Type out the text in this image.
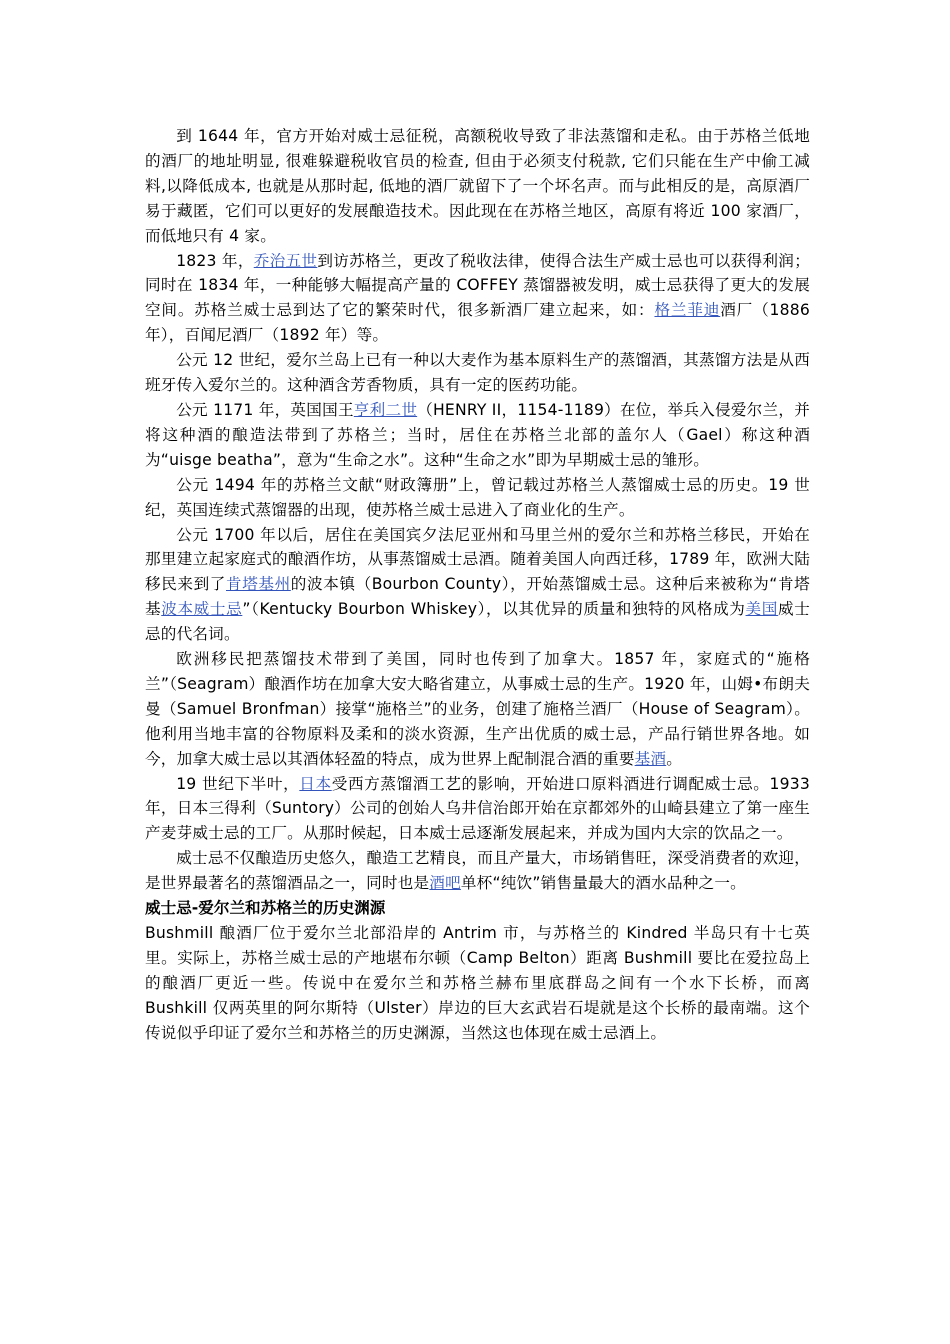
到 1644 年，官方开始对威士忌征税，高额税收导致了非法蒸馏和走私。由于苏格兰低地的酒厂的地址明显, 很难躲避税收官员的检查, 但由于必须支付税款, 它们只能在生产中偷工减料,以降低成本, 也就是从那时起, 低地的酒厂就留下了一个坏名声。而与此相反的是，高原酒厂易于藏匿，它们可以更好的发展酿造技术。因此现在在苏格兰地区，高原有将近 100 家酒厂，而低地只有 4 家。

1823 年，乔治五世到访苏格兰，更改了税收法律，使得合法生产威士忌也可以获得利润；同时在 1834 年，一种能够大幅提高产量的 COFFEY 蒸馏器被发明，威士忌获得了更大的发展空间。苏格兰威士忌到达了它的繁荣时代，很多新酒厂建立起来，如：格兰菲迪酒厂（1886 年），百闻尼酒厂（1892 年）等。

公元 12 世纪，爱尔兰岛上已有一种以大麦作为基本原料生产的蒸馏酒，其蒸馏方法是从西班牙传入爱尔兰的。这种酒含芳香物质，具有一定的医药功能。

公元 1171 年，英国国王亨利二世（HENRY II，1154-1189）在位，举兵入侵爱尔兰，并将这种酒的酿造法带到了苏格兰；当时，居住在苏格兰北部的盖尔人（Gael）称这种酒为“uisge beatha”，意为“生命之水”。这种“生命之水”即为早期威士忌的雏形。

公元 1494 年的苏格兰文献“财政簿册”上，曾记载过苏格兰人蒸馏威士忌的历史。19 世纪，英国连续式蒸馏器的出现，使苏格兰威士忌进入了商业化的生产。

公元 1700 年以后，居住在美国宾夕法尼亚州和马里兰州的爱尔兰和苏格兰移民，开始在那里建立起家庭式的酿酒作坊，从事蒸馏威士忌酒。随着美国人向西迁移，1789 年，欧洲大陆移民来到了肯塔基州的波本镇（Bourbon County），开始蒸馏威士忌。这种后来被称为“肯塔基波本威士忌”（Kentucky Bourbon Whiskey），以其优异的质量和独特的风格成为美国威士忌的代名词。

欧洲移民把蒸馏技术带到了美国，同时也传到了加拿大。1857 年，家庭式的“施格兰”（Seagram）酿酒作坊在加拿大安大略省建立，从事威士忌的生产。1920 年，山姆•布朗夫曼（Samuel Bronfman）接掌“施格兰”的业务，创建了施格兰酒厂（House of Seagram）。他利用当地丰富的谷物原料及柔和的淡水资源，生产出优质的威士忌，产品行销世界各地。如今，加拿大威士忌以其酒体轻盈的特点，成为世界上配制混合酒的重要基酒。

19 世纪下半叶，日本受西方蒸馏酒工艺的影响，开始进口原料酒进行调配威士忌。1933 年，日本三得利（Suntory）公司的创始人乌井信治郎开始在京都郊外的山崎县建立了第一座生产麦芽威士忌的工厂。从那时候起，日本威士忌逐渐发展起来，并成为国内大宗的饮品之一。

威士忌不仅酿造历史悠久，酿造工艺精良，而且产量大，市场销售旺，深受消费者的欢迎，是世界最著名的蒸馏酒品之一，同时也是酒吧单杯“纯饮”销售量最大的酒水品种之一。

威士忌-爱尔兰和苏格兰的历史渊源

Bushmill 酿酒厂位于爱尔兰北部沿岸的 Antrim 市，与苏格兰的 Kindred 半岛只有十七英里。实际上，苏格兰威士忌的产地堪布尔顿（Camp Belton）距离 Bushmill 要比在爱拉岛上的酿酒厂更近一些。传说中在爱尔兰和苏格兰赫布里底群岛之间有一个水下长桥，而离 Bushkill 仅两英里的阿尔斯特（Ulster）岸边的巨大玄武岩石堤就是这个长桥的最南端。这个传说似乎印证了爱尔兰和苏格兰的历史渊源，当然这也体现在威士忌酒上。
